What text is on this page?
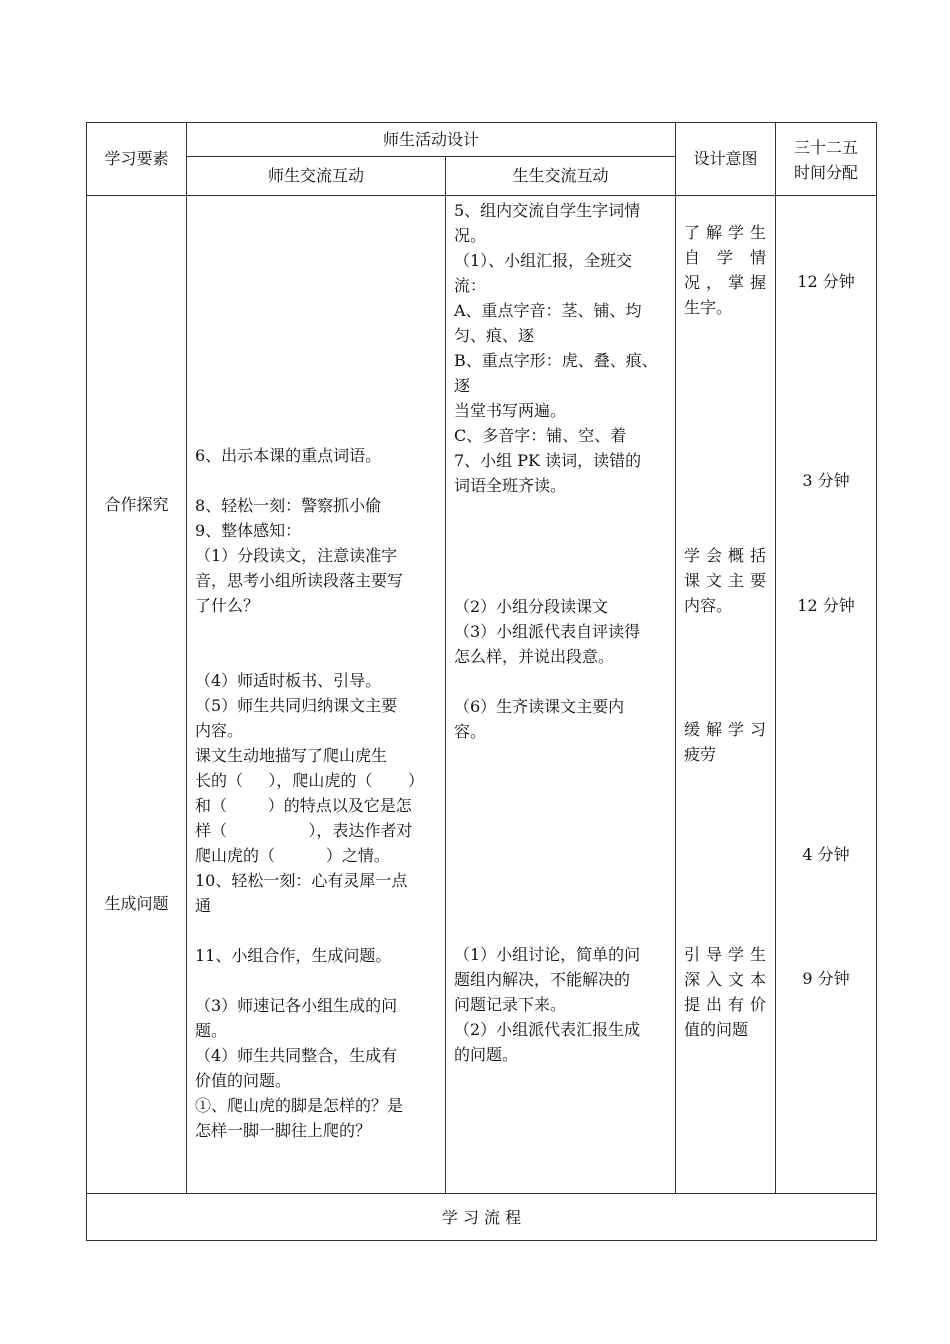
学习要素
师生活动设计
师生交流互动	生生交流互动
设计意图
三十二五
时间分配
合作探究
生成问题
6、出示本课的重点词语。

8、轻松一刻：警察抓小偷
9、整体感知：
（1）分段读文，注意读准字
音，思考小组所读段落主要写
了什么？

（4）师适时板书、引导。
（5）师生共同归纳课文主要
内容。
课文生动地描写了爬山虎生
长的（     ），爬山虎的（       ）
和（        ）的特点以及它是怎
样（                ），表达作者对
爬山虎的（          ）之情。
10、轻松一刻：心有灵犀一点
通

11、小组合作，生成问题。

（3）师速记各小组生成的问
题。
（4）师生共同整合，生成有
价值的问题。
①、爬山虎的脚是怎样的？是
怎样一脚一脚往上爬的？
5、组内交流自学生字词情
况。
（1）、小组汇报，全班交
流：
A、重点字音：茎、铺、均
匀、痕、逐
B、重点字形：虎、叠、痕、
逐
当堂书写两遍。
C、多音字：铺、空、着
7、小组 PK 读词，读错的
词语全班齐读。
（2）小组分段读课文
（3）小组派代表自评读得
怎么样，并说出段意。

（6）生齐读课文主要内
容。
（1）小组讨论，简单的问
题组内解决，不能解决的
问题记录下来。
（2）小组派代表汇报生成
的问题。
了解学生
自 学 情
况，掌握
生字。
学会概括
课文主要
内容。
缓解学习
疲劳
引导学生
深入文本
提出有价
值的问题
12 分钟
3 分钟
12 分钟
4 分钟
9 分钟
学 习 流 程
